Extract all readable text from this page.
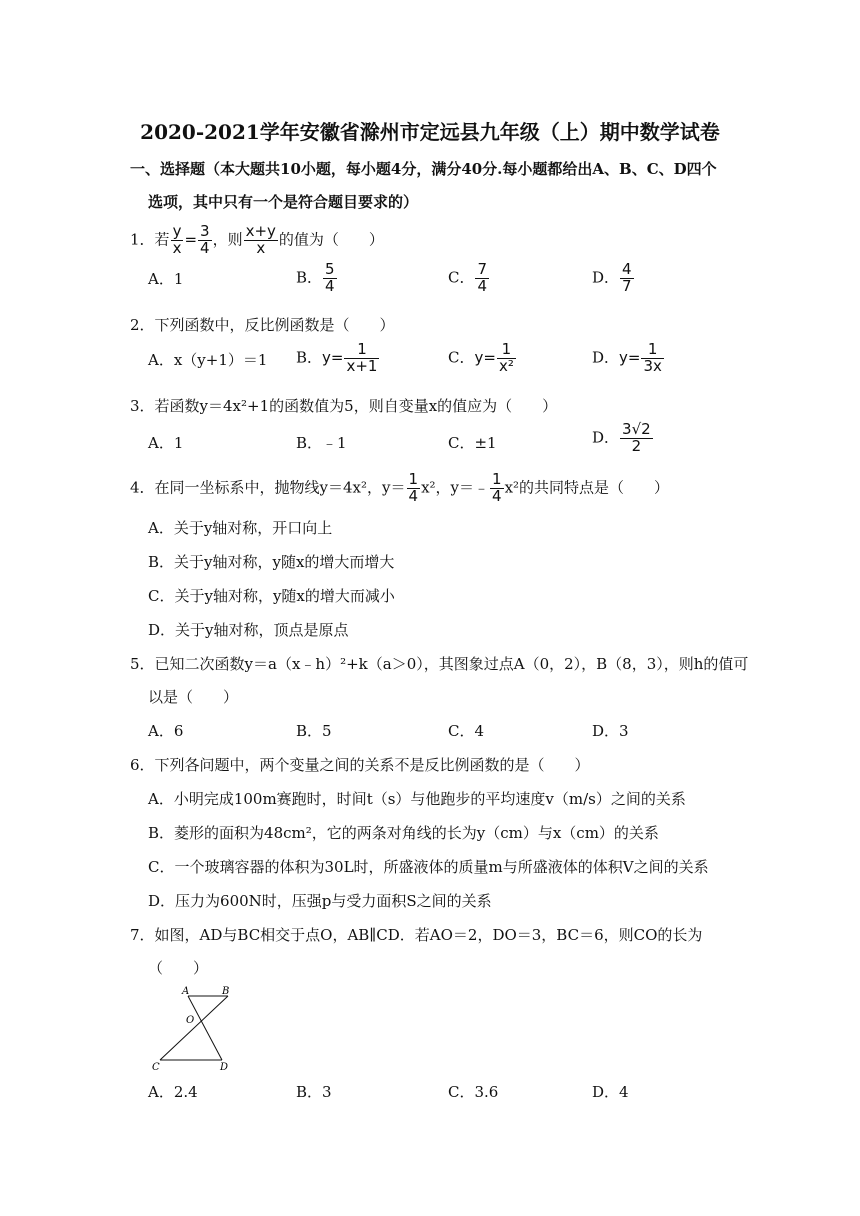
2020-2021学年安徽省滁州市定远县九年级（上）期中数学试卷
一、选择题（本大题共10小题，每小题4分，满分40分.每小题都给出A、B、C、D四个
选项，其中只有一个是符合题目要求的）
1．若 $\frac{y}{x} = \frac{3}{4}$ ，则 $\frac{x+y}{x}$ 的值为（　　）
A．1	B． $\frac{5}{4}$	C． $\frac{7}{4}$	D． $\frac{4}{7}$
2．下列函数中，反比例函数是（　　）
A．x（y+1）＝1 B．$y= \frac{1}{x+1}$	C．$y= \frac{1}{\text{x²}}$	D．$y= \frac{1}{3x}$
3．若函数y＝4x²+1的函数值为5，则自变量x的值应为（　　）
A．1	B．﹣1	C．±1	D． $\frac{3√2}{2}$
4．在同一坐标系中，抛物线y＝4x²，$y= \frac{1}{4} x^2$，y＝﹣ $\frac{1}{4} x^2$的共同特点是（　　）
A．关于y轴对称，开口向上
B．关于y轴对称，y随x的增大而增大
C．关于y轴对称，y随x的增大而减小
D．关于y轴对称，顶点是原点
5．已知二次函数y＝a（x﹣h）²+k（a＞0），其图象过点A（0，2），B（8，3），则h的值可
以是（　　）
A．6	B．5	C．4	D．3
6．下列各问题中，两个变量之间的关系不是反比例函数的是（　　）
A．小明完成100m赛跑时，时间t（s）与他跑步的平均速度v（m/s）之间的关系
B．菱形的面积为48cm²，它的两条对角线的长为y（cm）与x（cm）的关系
C．一个玻璃容器的体积为30L时，所盛液体的质量m与所盛液体的体积V之间的关系
D．压力为600N时，压强p与受力面积S之间的关系
7．如图，AD与BC相交于点O，AB∥CD．若AO＝2，DO＝3，BC＝6，则CO的长为
（　　）
A	B
O
C	D
A．2.4	B．3	C．3.6	D．4
